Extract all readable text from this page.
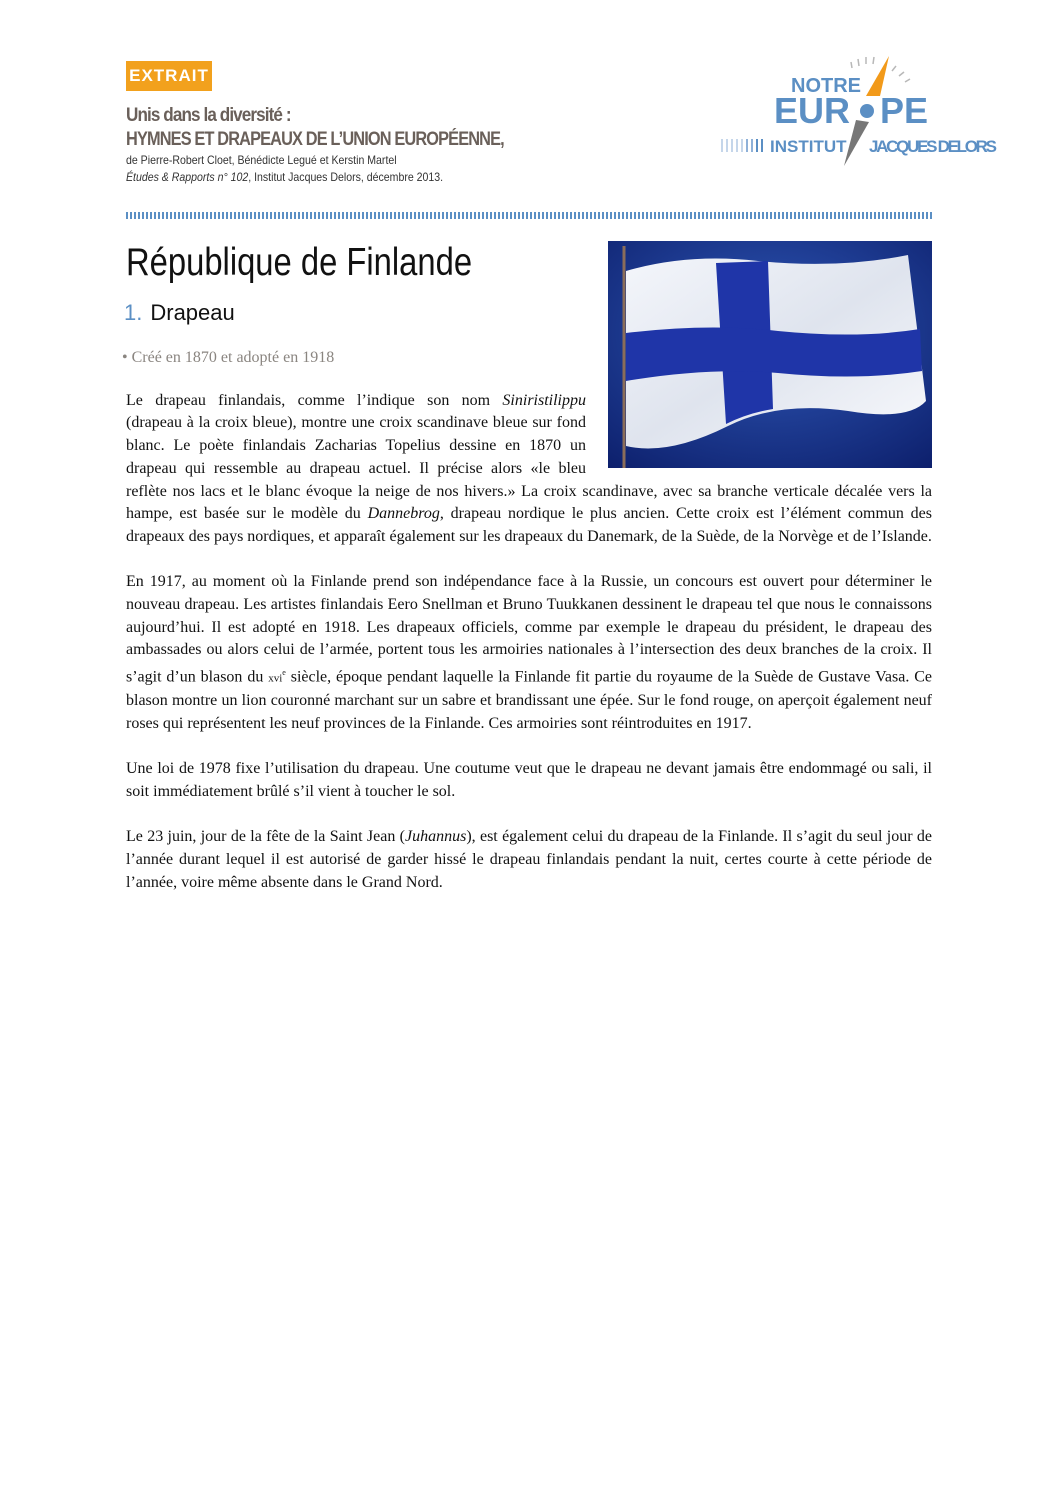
EXTRAIT
Unis dans la diversité :
HYMNES ET DRAPEAUX DE L’UNION EUROPÉENNE,
de Pierre-Robert Cloet, Bénédicte Legué et Kerstin Martel
Études & Rapports n° 102, Institut Jacques Delors, décembre 2013.
NOTRE
EUR PE
INSTITUT JACQUES DELORS
République de Finlande
1. Drapeau
• Créé en 1870 et adopté en 1918

Le drapeau finlandais, comme l’indique son nom Siniristilippu (drapeau à la croix bleue), montre une croix scandinave bleue sur fond blanc. Le poète finlandais Zacharias Topelius dessine en 1870 un drapeau qui ressemble au drapeau actuel. Il précise alors «le bleu reflète nos lacs et le blanc évoque la neige de nos hivers.» La croix scandinave, avec sa branche verticale décalée vers la hampe, est basée sur le modèle du Dannebrog, drapeau nordique le plus ancien. Cette croix est l’élément commun des drapeaux des pays nordiques, et apparaît également sur les drapeaux du Danemark, de la Suède, de la Norvège et de l’Islande.

En 1917, au moment où la Finlande prend son indépendance face à la Russie, un concours est ouvert pour déterminer le nouveau drapeau. Les artistes finlandais Eero Snellman et Bruno Tuukkanen dessinent le drapeau tel que nous le connaissons aujourd’hui. Il est adopté en 1918. Les drapeaux officiels, comme par exemple le drapeau du président, le drapeau des ambassades ou alors celui de l’armée, portent tous les armoiries nationales à l’intersection des deux branches de la croix. Il s’agit d’un blason du xvi$^e$ siècle, époque pendant laquelle la Finlande fit partie du royaume de la Suède de Gustave Vasa. Ce blason montre un lion couronné marchant sur un sabre et brandissant une épée. Sur le fond rouge, on aperçoit également neuf roses qui représentent les neuf provinces de la Finlande. Ces armoiries sont réintroduites en 1917.

Une loi de 1978 fixe l’utilisation du drapeau. Une coutume veut que le drapeau ne devant jamais être endommagé ou sali, il soit immédiatement brûlé s’il vient à toucher le sol.

Le 23 juin, jour de la fête de la Saint Jean (Juhannus), est également celui du drapeau de la Finlande. Il s’agit du seul jour de l’année durant lequel il est autorisé de garder hissé le drapeau finlandais pendant la nuit, certes courte à cette période de l’année, voire même absente dans le Grand Nord.
